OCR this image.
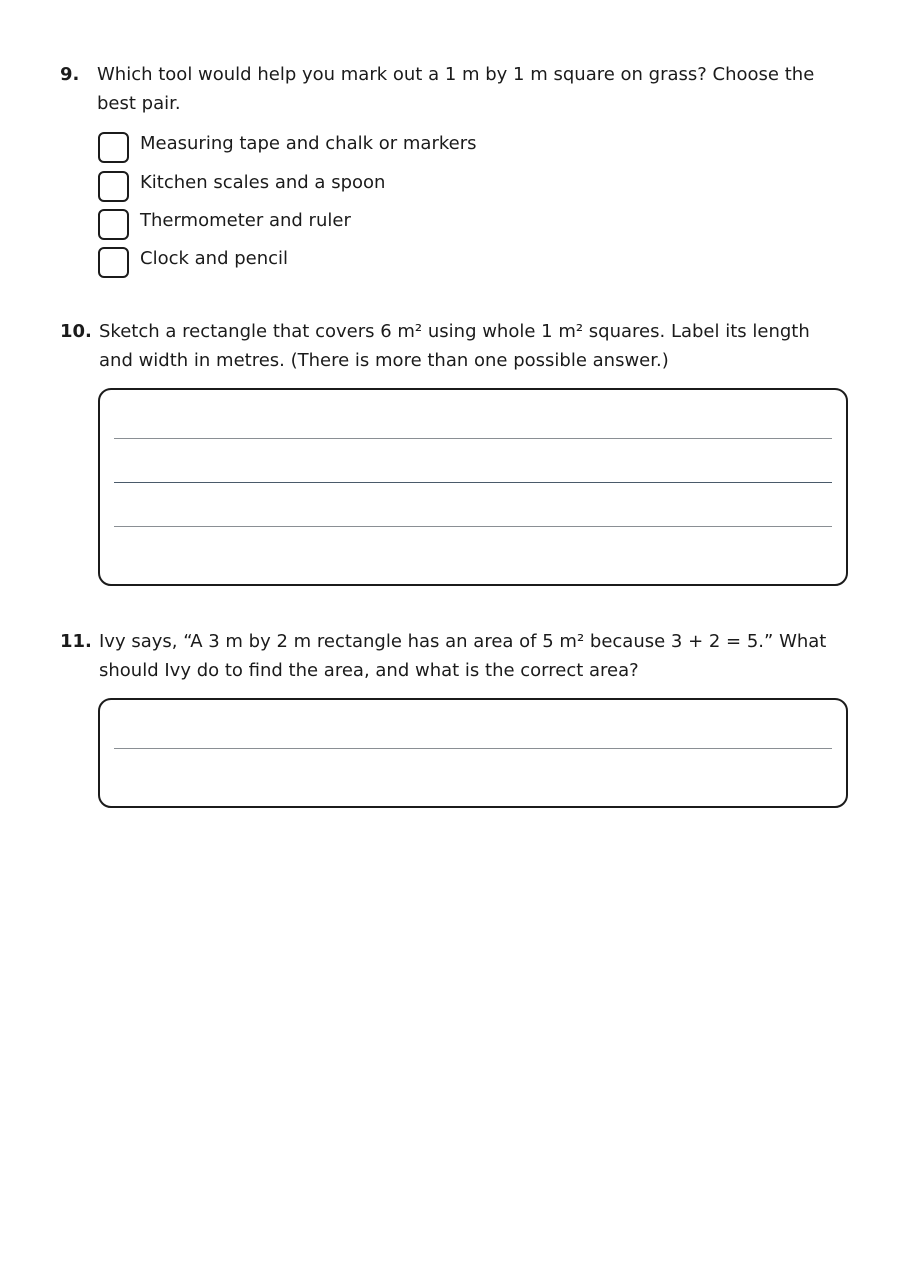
9. Which tool would help you mark out a 1 m by 1 m square on grass? Choose the best pair.
Measuring tape and chalk or markers
Kitchen scales and a spoon
Thermometer and ruler
Clock and pencil
10. Sketch a rectangle that covers 6 m² using whole 1 m² squares. Label its length and width in metres. (There is more than one possible answer.)
11. Ivy says, “A 3 m by 2 m rectangle has an area of 5 m² because 3 + 2 = 5.” What should Ivy do to find the area, and what is the correct area?
